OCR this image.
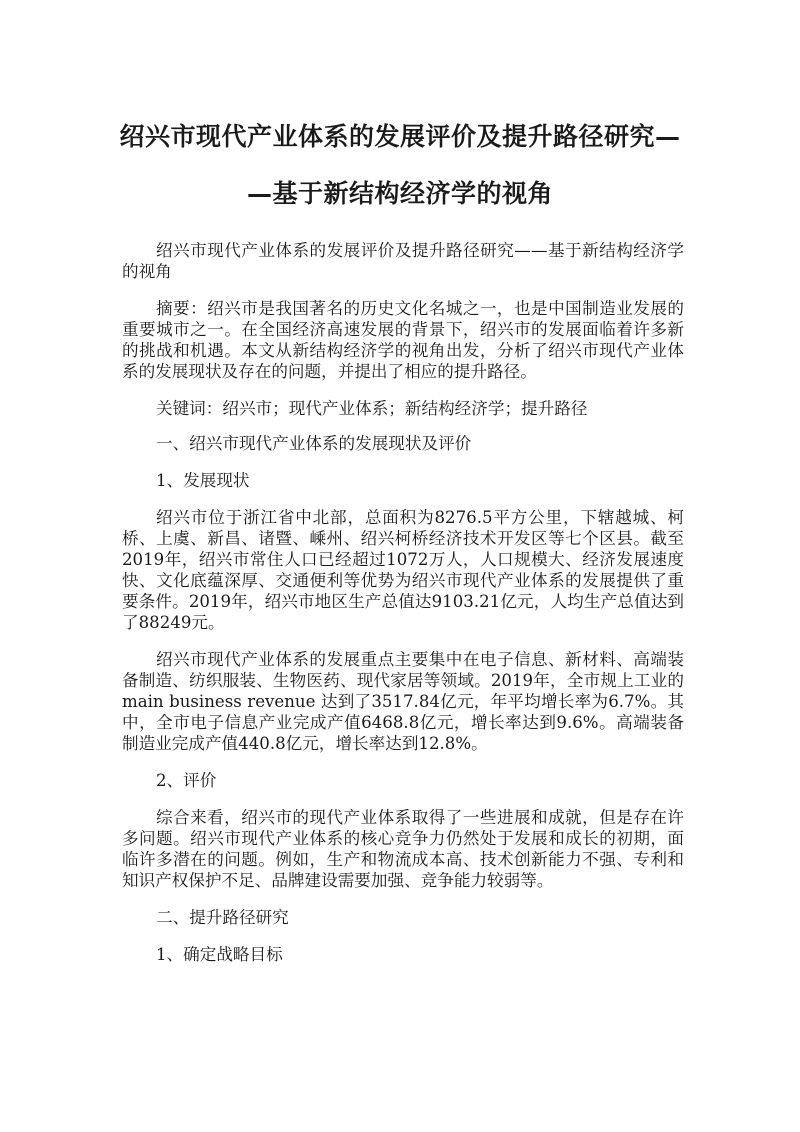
绍兴市现代产业体系的发展评价及提升路径研究—
—基于新结构经济学的视角

绍兴市现代产业体系的发展评价及提升路径研究——基于新结构经济学的视角

摘要：绍兴市是我国著名的历史文化名城之一，也是中国制造业发展的重要城市之一。在全国经济高速发展的背景下，绍兴市的发展面临着许多新的挑战和机遇。本文从新结构经济学的视角出发，分析了绍兴市现代产业体系的发展现状及存在的问题，并提出了相应的提升路径。

关键词：绍兴市；现代产业体系；新结构经济学；提升路径

一、绍兴市现代产业体系的发展现状及评价

1、发展现状

绍兴市位于浙江省中北部，总面积为8276.5平方公里，下辖越城、柯桥、上虞、新昌、诸暨、嵊州、绍兴柯桥经济技术开发区等七个区县。截至2019年，绍兴市常住人口已经超过1072万人，人口规模大、经济发展速度快、文化底蕴深厚、交通便利等优势为绍兴市现代产业体系的发展提供了重要条件。2019年，绍兴市地区生产总值达9103.21亿元，人均生产总值达到了88249元。

绍兴市现代产业体系的发展重点主要集中在电子信息、新材料、高端装备制造、纺织服装、生物医药、现代家居等领域。2019年，全市规上工业的 main business revenue 达到了3517.84亿元，年平均增长率为6.7%。其中，全市电子信息产业完成产值6468.8亿元，增长率达到9.6%。高端装备制造业完成产值440.8亿元，增长率达到12.8%。

2、评价

综合来看，绍兴市的现代产业体系取得了一些进展和成就，但是存在许多问题。绍兴市现代产业体系的核心竞争力仍然处于发展和成长的初期，面临许多潜在的问题。例如，生产和物流成本高、技术创新能力不强、专利和知识产权保护不足、品牌建设需要加强、竞争能力较弱等。

二、提升路径研究

1、确定战略目标
